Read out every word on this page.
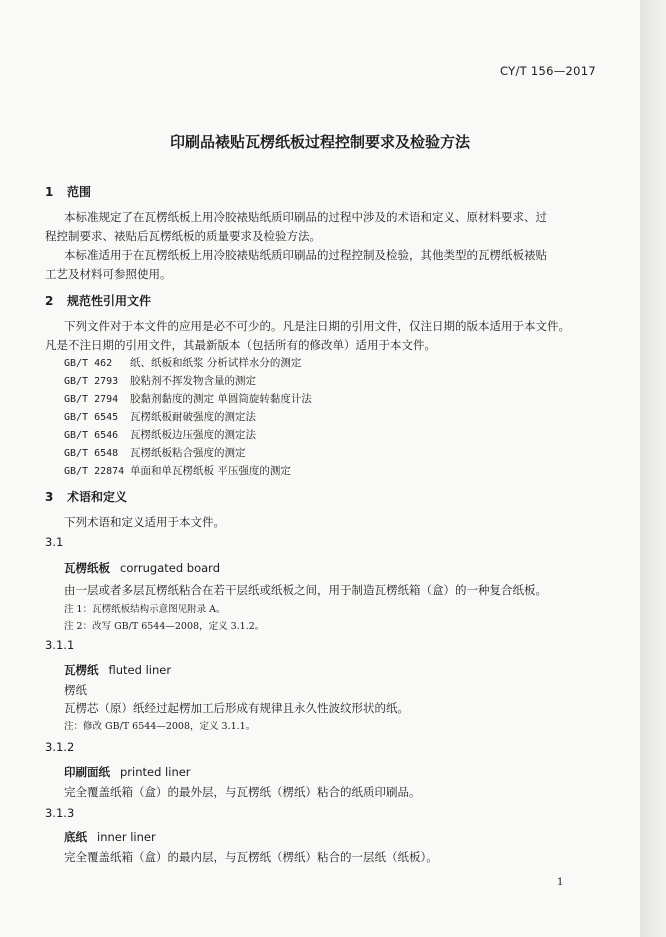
CY/T 156—2017
印刷品裱贴瓦楞纸板过程控制要求及检验方法
1 范围
本标准规定了在瓦楞纸板上用冷胶裱贴纸质印刷品的过程中涉及的术语和定义、原材料要求、过
程控制要求、裱贴后瓦楞纸板的质量要求及检验方法。
本标准适用于在瓦楞纸板上用冷胶裱贴纸质印刷品的过程控制及检验，其他类型的瓦楞纸板裱贴
工艺及材料可参照使用。
2 规范性引用文件
下列文件对于本文件的应用是必不可少的。凡是注日期的引用文件，仅注日期的版本适用于本文件。
凡是不注日期的引用文件，其最新版本（包括所有的修改单）适用于本文件。
GB/T 462 纸、纸板和纸浆 分析试样水分的测定
GB/T 2793 胶粘剂不挥发物含量的测定
GB/T 2794 胶黏剂黏度的测定 单圆筒旋转黏度计法
GB/T 6545 瓦楞纸板耐破强度的测定法
GB/T 6546 瓦楞纸板边压强度的测定法
GB/T 6548 瓦楞纸板粘合强度的测定
GB/T 22874 单面和单瓦楞纸板 平压强度的测定
3 术语和定义
下列术语和定义适用于本文件。
3.1
瓦楞纸板 corrugated board
由一层或者多层瓦楞纸粘合在若干层纸或纸板之间，用于制造瓦楞纸箱（盒）的一种复合纸板。
注 1：瓦楞纸板结构示意图见附录 A。
注 2：改写 GB/T 6544—2008，定义 3.1.2。
3.1.1
瓦楞纸 fluted liner
楞纸
瓦楞芯（原）纸经过起楞加工后形成有规律且永久性波纹形状的纸。
注：修改 GB/T 6544—2008，定义 3.1.1。
3.1.2
印刷面纸 printed liner
完全覆盖纸箱（盒）的最外层，与瓦楞纸（楞纸）粘合的纸质印刷品。
3.1.3
底纸 inner liner
完全覆盖纸箱（盒）的最内层，与瓦楞纸（楞纸）粘合的一层纸（纸板）。
1
